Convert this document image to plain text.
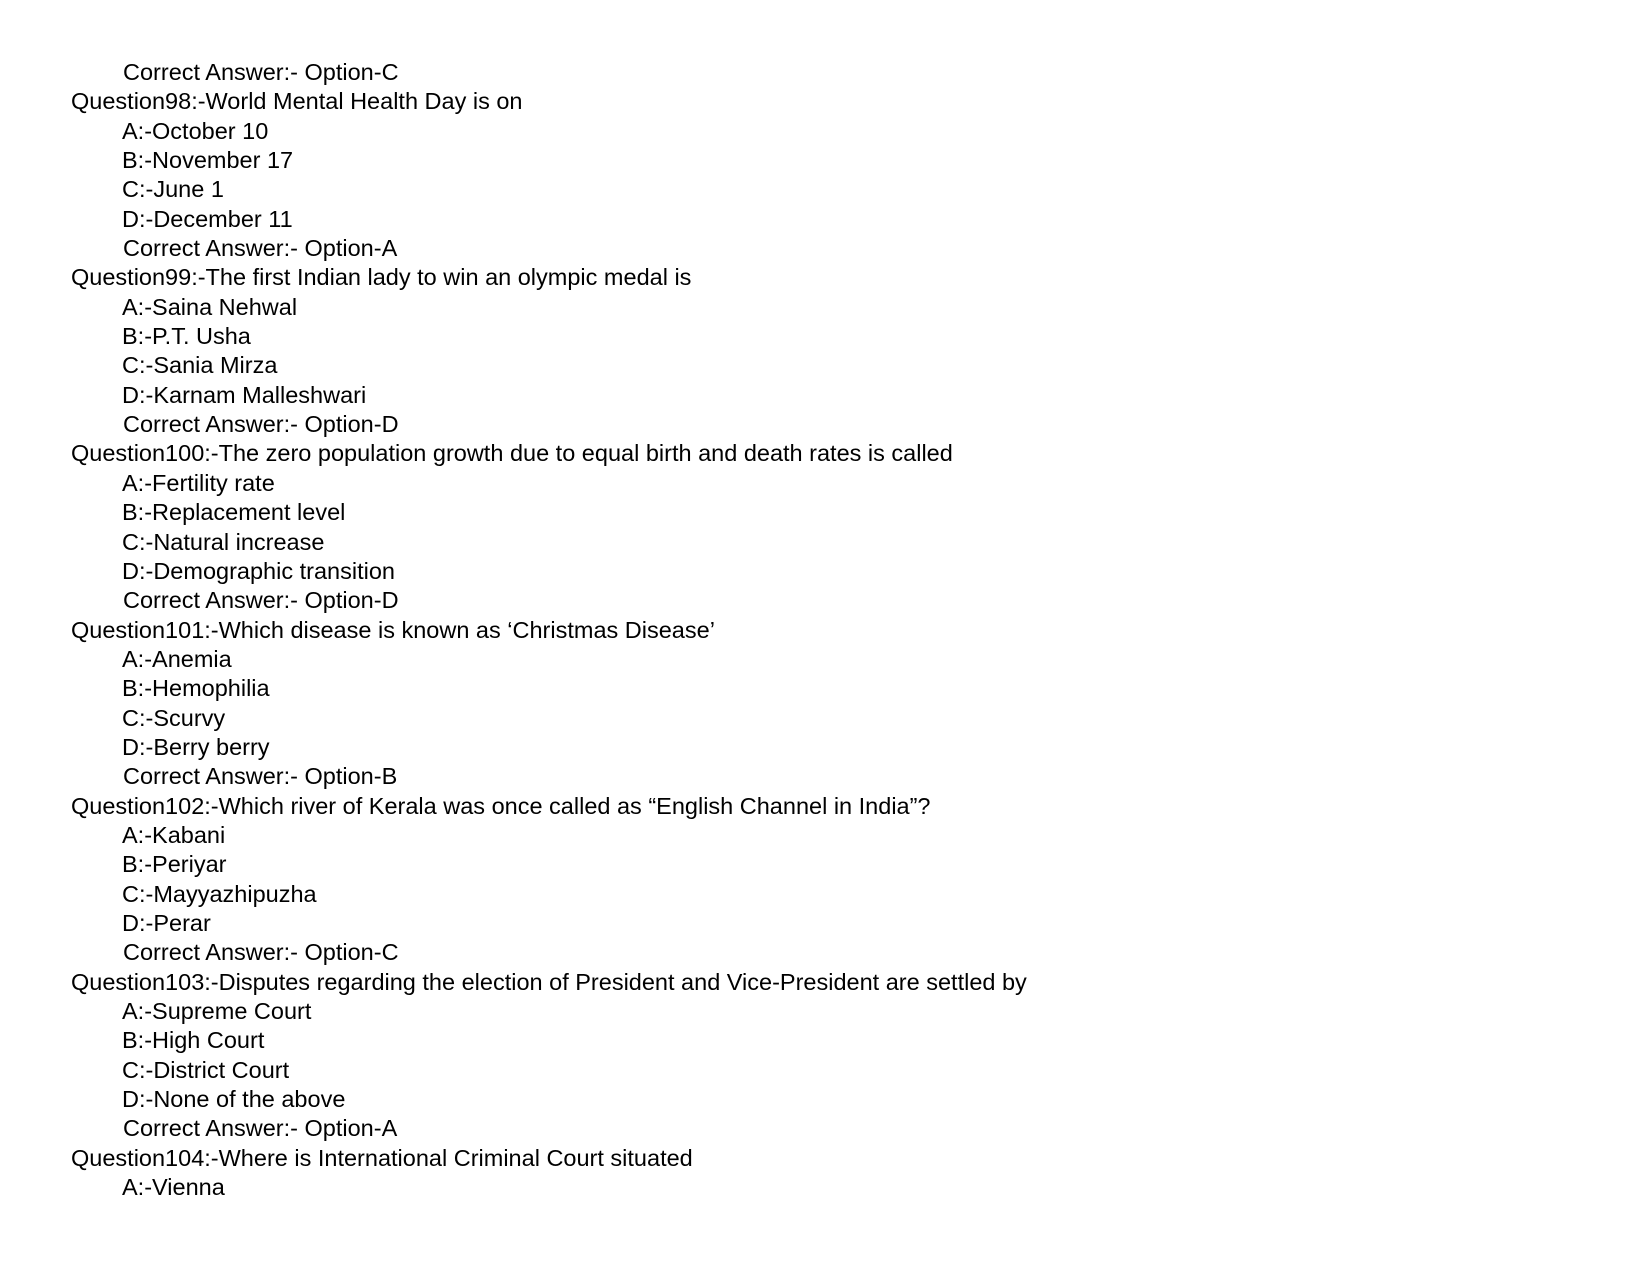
Correct Answer:- Option-C
Question98:-World Mental Health Day is on
A:-October 10
B:-November 17
C:-June 1
D:-December 11
Correct Answer:- Option-A
Question99:-The first Indian lady to win an olympic medal is
A:-Saina Nehwal
B:-P.T. Usha
C:-Sania Mirza
D:-Karnam Malleshwari
Correct Answer:- Option-D
Question100:-The zero population growth due to equal birth and death rates is called
A:-Fertility rate
B:-Replacement level
C:-Natural increase
D:-Demographic transition
Correct Answer:- Option-D
Question101:-Which disease is known as ‘Christmas Disease’
A:-Anemia
B:-Hemophilia
C:-Scurvy
D:-Berry berry
Correct Answer:- Option-B
Question102:-Which river of Kerala was once called as “English Channel in India”?
A:-Kabani
B:-Periyar
C:-Mayyazhipuzha
D:-Perar
Correct Answer:- Option-C
Question103:-Disputes regarding the election of President and Vice-President are settled by
A:-Supreme Court
B:-High Court
C:-District Court
D:-None of the above
Correct Answer:- Option-A
Question104:-Where is International Criminal Court situated
A:-Vienna
